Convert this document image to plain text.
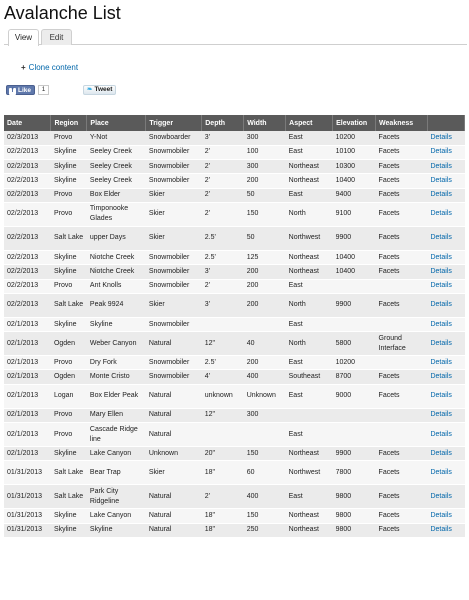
Avalanche List
View	Edit
+ Clone content
f Like	1	❧ Tweet
Date	Region	Place	Trigger	Depth	Width	Aspect	Elevation	Weakness	
02/3/2013	Provo	Y-Not	Snowboarder	3'	300	East	10200	Facets	Details
02/2/2013	Skyline	Seeley Creek	Snowmobiler	2'	100	East	10100	Facets	Details
02/2/2013	Skyline	Seeley Creek	Snowmobiler	2'	300	Northeast	10300	Facets	Details
02/2/2013	Skyline	Seeley Creek	Snowmobiler	2'	200	Northeast	10400	Facets	Details
02/2/2013	Provo	Box Elder	Skier	2'	50	East	9400	Facets	Details
02/2/2013	Provo	Timponooke Glades	Skier	2'	150	North	9100	Facets	Details
02/2/2013	Salt Lake	upper Days	Skier	2.5'	50	Northwest	9900	Facets	Details
02/2/2013	Skyline	Niotche Creek	Snowmobiler	2.5'	125	Northeast	10400	Facets	Details
02/2/2013	Skyline	Niotche Creek	Snowmobiler	3'	200	Northeast	10400	Facets	Details
02/2/2013	Provo	Ant Knolls	Snowmobiler	2'	200	East			Details
02/2/2013	Salt Lake	Peak 9924	Skier	3'	200	North	9900	Facets	Details
02/1/2013	Skyline	Skyline	Snowmobiler			East			Details
02/1/2013	Ogden	Weber Canyon	Natural	12"	40	North	5800	Ground Interface	Details
02/1/2013	Provo	Dry Fork	Snowmobiler	2.5'	200	East	10200		Details
02/1/2013	Ogden	Monte Cristo	Snowmobiler	4'	400	Southeast	8700	Facets	Details
02/1/2013	Logan	Box Elder Peak	Natural	unknown	Unknown	East	9000	Facets	Details
02/1/2013	Provo	Mary Ellen	Natural	12"	300				Details
02/1/2013	Provo	Cascade Ridge line	Natural			East			Details
02/1/2013	Skyline	Lake Canyon	Unknown	20"	150	Northeast	9900	Facets	Details
01/31/2013	Salt Lake	Bear Trap	Skier	18"	60	Northwest	7800	Facets	Details
01/31/2013	Salt Lake	Park City Ridgeline	Natural	2'	400	East	9800	Facets	Details
01/31/2013	Skyline	Lake Canyon	Natural	18"	150	Northeast	9800	Facets	Details
01/31/2013	Skyline	Skyline	Natural	18"	250	Northeast	9800	Facets	Details
